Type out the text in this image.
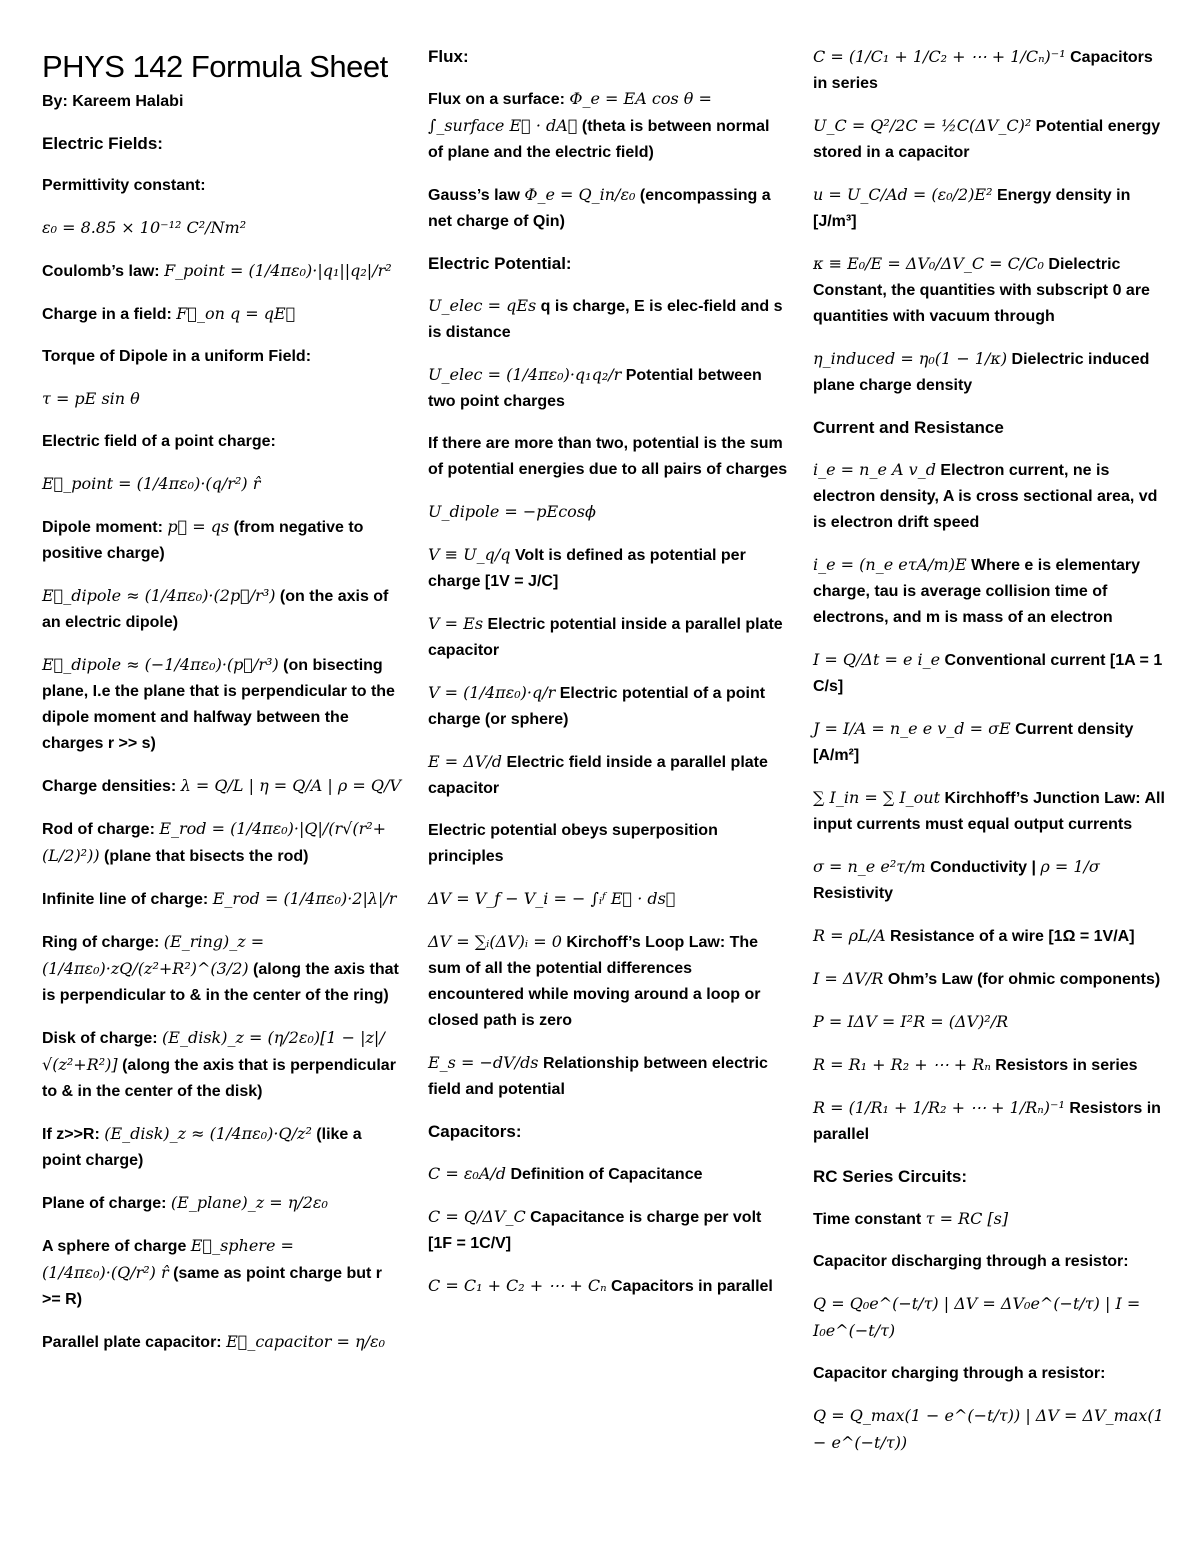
PHYS 142 Formula Sheet
By: Kareem Halabi
Electric Fields:
Permittivity constant:
ε₀ = 8.85 × 10⁻¹² C²/Nm²
Coulomb’s law: F_point = (1/4πε₀)·|q₁||q₂|/r²
Charge in a field: F⃗_on q = qE⃗
Torque of Dipole in a uniform Field:
τ = pE sin θ
Electric field of a point charge:
E⃗_point = (1/4πε₀)·(q/r²) r̂
Dipole moment: p⃗ = qs (from negative to positive charge)
E⃗_dipole ≈ (1/4πε₀)·(2p⃗/r³) (on the axis of an electric dipole)
E⃗_dipole ≈ (−1/4πε₀)·(p⃗/r³) (on bisecting plane, I.e the plane that is perpendicular to the dipole moment and halfway between the charges r >> s)
Charge densities: λ = Q/L | η = Q/A | ρ = Q/V
Rod of charge: E_rod = (1/4πε₀)·|Q|/(r√(r²+(L/2)²)) (plane that bisects the rod)
Infinite line of charge: E_rod = (1/4πε₀)·2|λ|/r
Ring of charge: (E_ring)_z = (1/4πε₀)·zQ/(z²+R²)^(3/2) (along the axis that is perpendicular to & in the center of the ring)
Disk of charge: (E_disk)_z = (η/2ε₀)[1 − |z|/√(z²+R²)] (along the axis that is perpendicular to & in the center of the disk)
If z>>R: (E_disk)_z ≈ (1/4πε₀)·Q/z² (like a point charge)
Plane of charge: (E_plane)_z = η/2ε₀
A sphere of charge E⃗_sphere = (1/4πε₀)·(Q/r²) r̂ (same as point charge but r >= R)
Parallel plate capacitor: E⃗_capacitor = η/ε₀
Flux:
Flux on a surface: Φ_e = EA cos θ = ∫_surface E⃗ · dA⃗ (theta is between normal of plane and the electric field)
Gauss’s law Φ_e = Q_in/ε₀ (encompassing a net charge of Qin)
Electric Potential:
U_elec = qEs q is charge, E is elec-field and s is distance
U_elec = (1/4πε₀)·q₁q₂/r Potential between two point charges
If there are more than two, potential is the sum of potential energies due to all pairs of charges
U_dipole = −pEcosϕ
V ≡ U_q/q Volt is defined as potential per charge [1V = J/C]
V = Es Electric potential inside a parallel plate capacitor
V = (1/4πε₀)·q/r Electric potential of a point charge (or sphere)
E = ΔV/d Electric field inside a parallel plate capacitor
Electric potential obeys superposition principles
ΔV = V_f − V_i = − ∫ᵢᶠ E⃗ · ds⃗
ΔV = ∑ᵢ(ΔV)ᵢ = 0 Kirchoff’s Loop Law: The sum of all the potential differences encountered while moving around a loop or closed path is zero
E_s = −dV/ds Relationship between electric field and potential
Capacitors:
C = ε₀A/d Definition of Capacitance
C = Q/ΔV_C Capacitance is charge per volt [1F = 1C/V]
C = C₁ + C₂ + ⋯ + Cₙ Capacitors in parallel
C = (1/C₁ + 1/C₂ + ⋯ + 1/Cₙ)⁻¹ Capacitors in series
U_C = Q²/2C = ½C(ΔV_C)² Potential energy stored in a capacitor
u = U_C/Ad = (ε₀/2)E² Energy density in [J/m³]
κ ≡ E₀/E = ΔV₀/ΔV_C = C/C₀ Dielectric Constant, the quantities with subscript 0 are quantities with vacuum through
η_induced = η₀(1 − 1/κ) Dielectric induced plane charge density
Current and Resistance
i_e = n_e A v_d Electron current, ne is electron density, A is cross sectional area, vd is electron drift speed
i_e = (n_e eτA/m)E Where e is elementary charge, tau is average collision time of electrons, and m is mass of an electron
I = Q/Δt = e i_e Conventional current [1A = 1 C/s]
J = I/A = n_e e v_d = σE Current density [A/m²]
∑ I_in = ∑ I_out Kirchhoff’s Junction Law: All input currents must equal output currents
σ = n_e e²τ/m Conductivity | ρ = 1/σ Resistivity
R = ρL/A Resistance of a wire [1Ω = 1V/A]
I = ΔV/R Ohm’s Law (for ohmic components)
P = IΔV = I²R = (ΔV)²/R
R = R₁ + R₂ + ⋯ + Rₙ Resistors in series
R = (1/R₁ + 1/R₂ + ⋯ + 1/Rₙ)⁻¹ Resistors in parallel
RC Series Circuits:
Time constant τ = RC [s]
Capacitor discharging through a resistor:
Q = Q₀e^(−t/τ) | ΔV = ΔV₀e^(−t/τ) | I = I₀e^(−t/τ)
Capacitor charging through a resistor:
Q = Q_max(1 − e^(−t/τ)) | ΔV = ΔV_max(1 − e^(−t/τ))
